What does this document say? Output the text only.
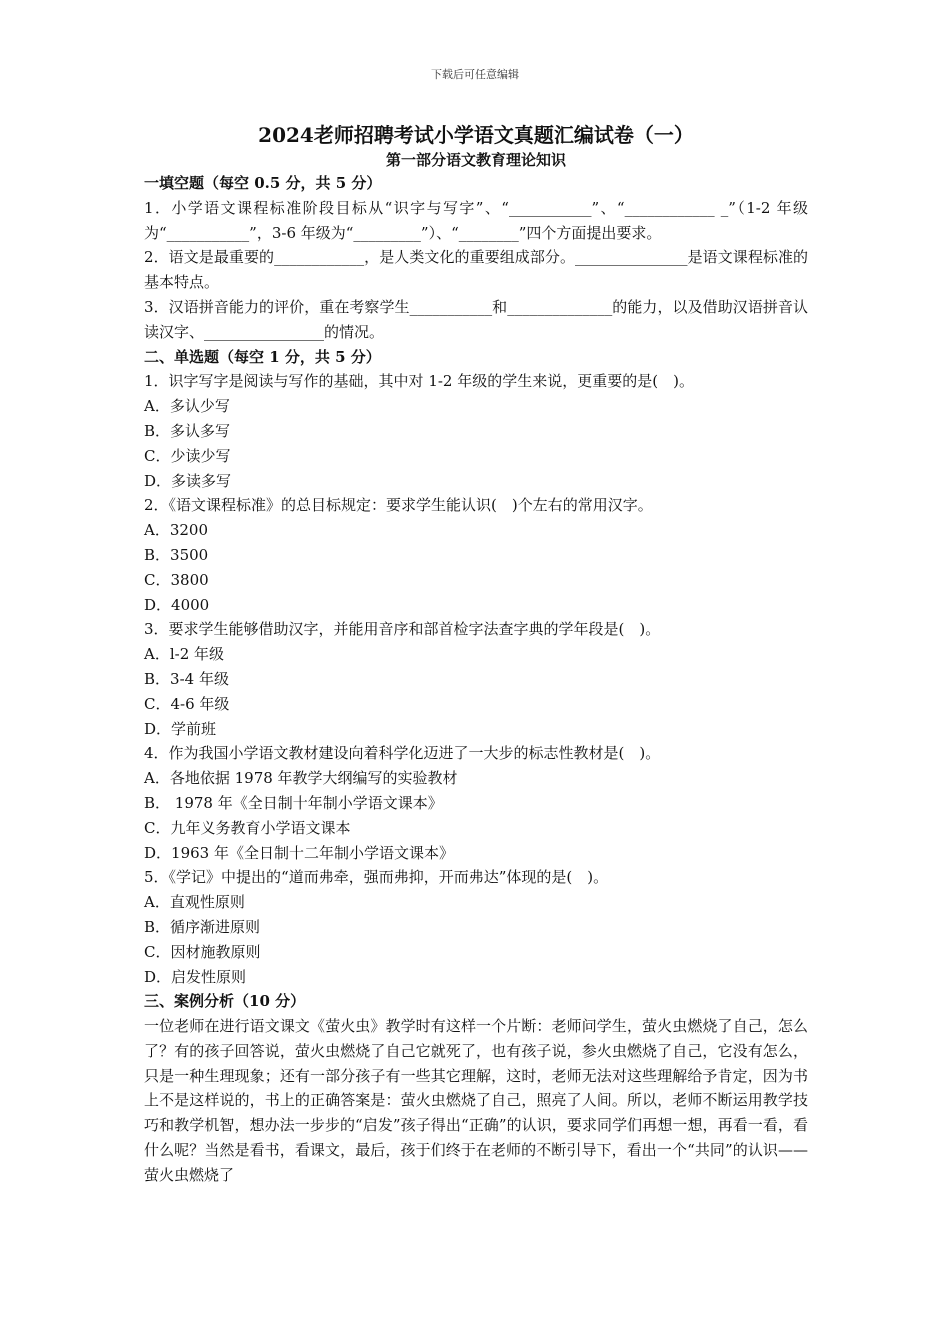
下载后可任意编辑

2024老师招聘考试小学语文真题汇编试卷（一）

第一部分语文教育理论知识

一填空题（每空 0.5 分，共 5 分）

1．小学语文课程标准阶段目标从“识字与写字”、“___________”、“____________ _”（1-2 年级为“___________”，3-6 年级为“_________”）、“________”四个方面提出要求。

2．语文是最重要的____________，是人类文化的重要组成部分。_______________是语文课程标准的基本特点。

3．汉语拼音能力的评价，重在考察学生___________和______________的能力，以及借助汉语拼音认读汉字、________________的情况。

二、单选题（每空 1 分，共 5 分）

1．识字写字是阅读与写作的基础，其中对 1-2 年级的学生来说，更重要的是(　)。

A．多认少写

B．多认多写

C．少读少写

D．多读多写

2．《语文课程标准》的总目标规定：要求学生能认识(　)个左右的常用汉字。

A．3200

B．3500

C．3800

D．4000

3．要求学生能够借助汉字，并能用音序和部首检字法查字典的学年段是(　)。

A．l-2 年级

B．3-4 年级

C．4-6 年级

D．学前班

4．作为我国小学语文教材建设向着科学化迈进了一大步的标志性教材是(　)。

A．各地依据 1978 年教学大纲编写的实验教材

B． 1978 年《全日制十年制小学语文课本》

C．九年义务教育小学语文课本

D．1963 年《全日制十二年制小学语文课本》

5．《学记》中提出的“道而弗牵，强而弗抑，开而弗达”体现的是(　)。

A．直观性原则

B．循序渐进原则

C．因材施教原则

D．启发性原则

三、案例分析（10 分）

一位老师在进行语文课文《萤火虫》教学时有这样一个片断：老师问学生，萤火虫燃烧了自己，怎么了？有的孩子回答说，萤火虫燃烧了自己它就死了，也有孩子说，参火虫燃烧了自己，它没有怎么，只是一种生理现象；还有一部分孩子有一些其它理解，这时，老师无法对这些理解给予肯定，因为书上不是这样说的，书上的正确答案是：萤火虫燃烧了自己，照亮了人间。所以，老师不断运用教学技巧和教学机智，想办法一步步的“启发”孩子得出“正确”的认识，要求同学们再想一想，再看一看，看什么呢？当然是看书，看课文，最后，孩于们终于在老师的不断引导下，看出一个“共同”的认识——萤火虫燃烧了
